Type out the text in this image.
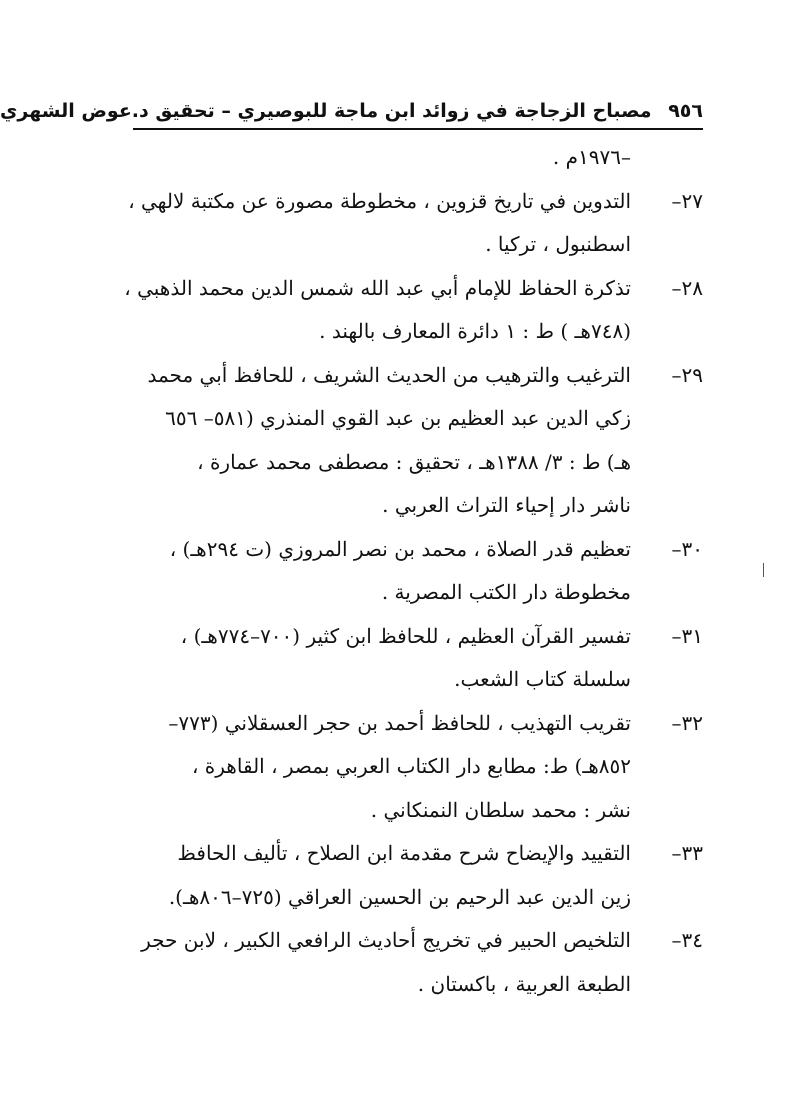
٩٥٦ مصباح الزجاجة في زوائد ابن ماجة للبوصيري – تحقيق د.عوض الشهري
–١٩٧٦م .
٢٧–
التدوين في تاريخ قزوين ، مخطوطة مصورة عن مكتبة لالهي ،
اسطنبول ، تركيا .
٢٨–
تذكرة الحفاظ للإمام أبي عبد الله شمس الدين محمد الذهبي ،
(٧٤٨هـ ) ط : ١ دائرة المعارف بالهند .
٢٩–
الترغيب والترهيب من الحديث الشريف ، للحافظ أبي محمد
زكي الدين عبد العظيم بن عبد القوي المنذري (٥٨١– ٦٥٦
هـ) ط : ٣/ ١٣٨٨هـ ، تحقيق : مصطفى محمد عمارة ،
ناشر دار إحياء التراث العربي .
٣٠–
تعظيم قدر الصلاة ، محمد بن نصر المروزي (ت ٢٩٤هـ) ،
مخطوطة دار الكتب المصرية .
٣١–
تفسير القرآن العظيم ، للحافظ ابن كثير (٧٠٠–٧٧٤هـ) ،
سلسلة كتاب الشعب.
٣٢–
تقريب التهذيب ، للحافظ أحمد بن حجر العسقلاني (٧٧٣–
٨٥٢هـ) ط: مطابع دار الكتاب العربي بمصر ، القاهرة ،
نشر : محمد سلطان النمنكاني .
٣٣–
التقييد والإيضاح شرح مقدمة ابن الصلاح ، تأليف الحافظ
زين الدين عبد الرحيم بن الحسين العراقي (٧٢٥–٨٠٦هـ).
٣٤–
التلخيص الحبير في تخريج أحاديث الرافعي الكبير ، لابن حجر
الطبعة العربية ، باكستان .
